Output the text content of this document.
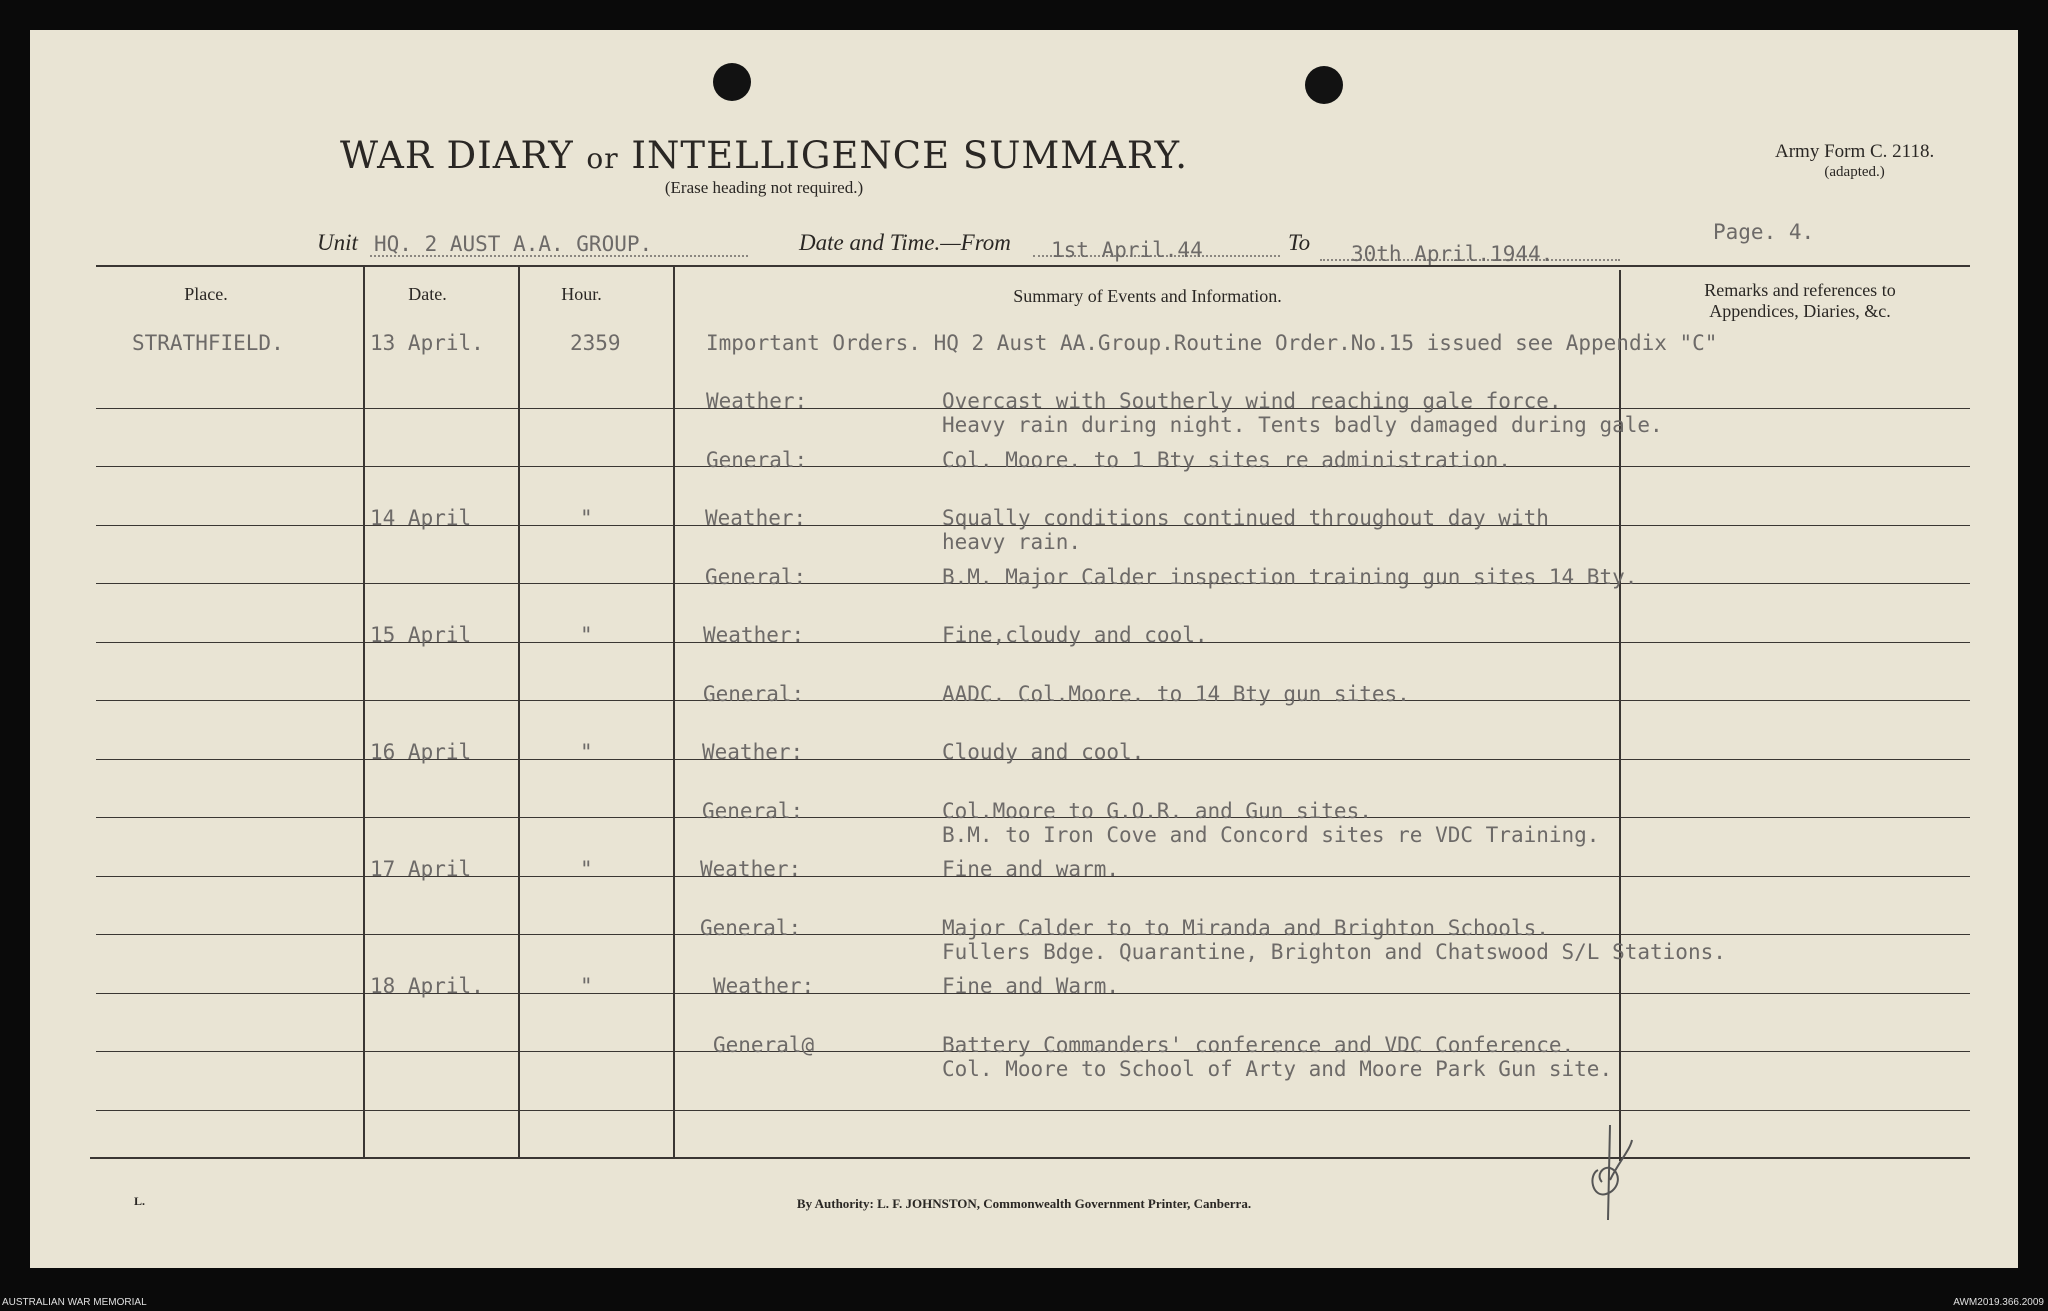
WAR DIARY or INTELLIGENCE SUMMARY.
(Erase heading not required.)
Army Form C. 2118.
(adapted.)
Unit HQ. 2 AUST A.A. GROUP.	Date and Time.—From 1st April.44	To 30th April.1944.
Page. 4.
Place.	Date.	Hour.	Summary of Events and Information.	Remarks and references to
Appendices, Diaries, &c.
STRATHFIELD.	13 April.	2359	Important Orders. HQ 2 Aust AA.Group.Routine Order.No.15 issued see Appendix "C"
Weather:	Overcast with Southerly wind reaching gale force.
Heavy rain during night. Tents badly damaged during gale.
General:	Col. Moore. to 1 Bty sites re administration.
14 April	"	Weather:	Squally conditions continued throughout day with
heavy rain.
General:	B.M. Major Calder inspection training gun sites 14 Bty.
15 April	"	Weather:	Fine,cloudy and cool.
General:	AADC. Col.Moore. to 14 Bty gun sites.
16 April	"	Weather:	Cloudy and cool.
General:	Col.Moore to G.O.R. and Gun sites.
B.M. to Iron Cove and Concord sites re VDC Training.
17 April	"	Weather:	Fine and warm.
General:	Major Calder to to Miranda and Brighton Schools.
Fullers Bdge. Quarantine, Brighton and Chatswood S/L Stations.
18 April.	"	Weather:	Fine and Warm.
General@	Battery Commanders' conference and VDC Conference.
Col. Moore to School of Arty and Moore Park Gun site.
L.	By Authority: L. F. JOHNSTON, Commonwealth Government Printer, Canberra.
AUSTRALIAN WAR MEMORIAL	AWM2019.366.2009
